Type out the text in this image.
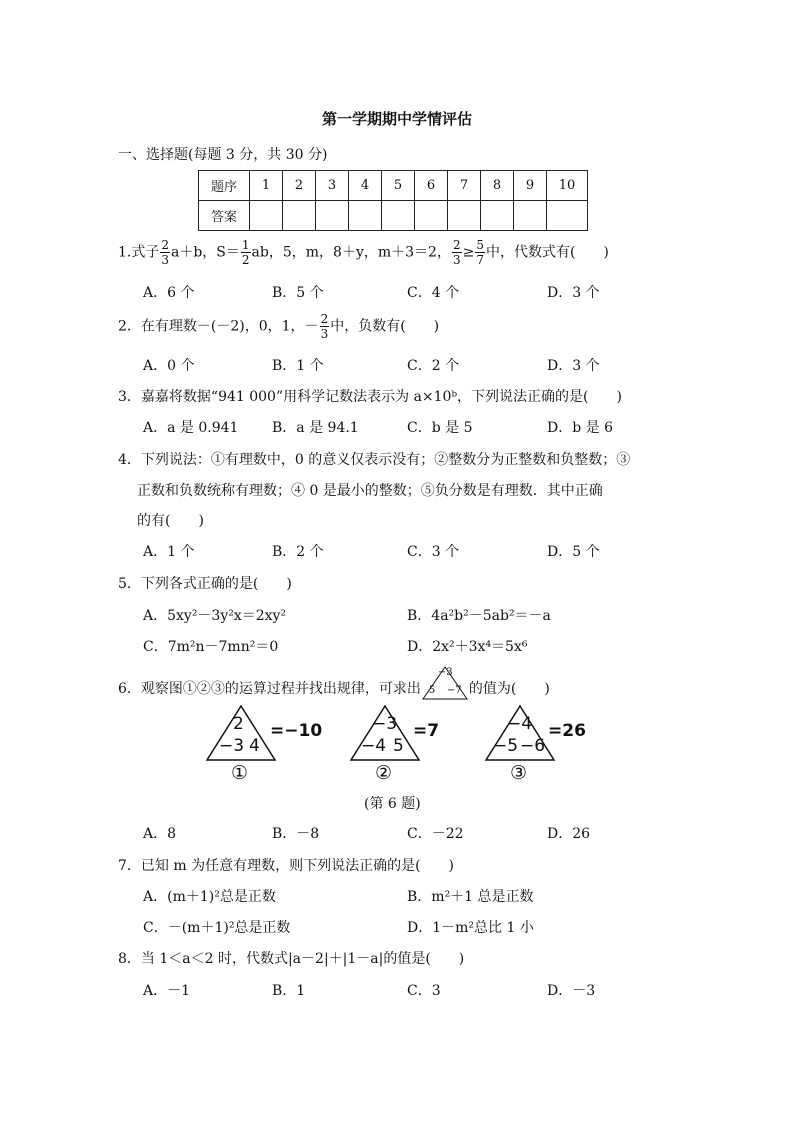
第一学期期中学情评估
一、选择题(每题 3 分，共 30 分)
题序	1	2	3	4	5	6	7	8	9	10
答案										
1.式子 $\frac{2}{3} a+b$，$S= \frac{1}{2}$ ab，5，m，8＋y，m＋3＝2， $\frac{2}{3} \ge \frac{5}{7}$ 中，代数式有(　　)
A．6 个	B．5 个	C．4 个	D．3 个
2．在有理数－(－2)，0，1，－ $\frac{2}{3}$ 中，负数有(　　)
A．0 个	B．1 个	C．2 个	D．3 个
3．嘉嘉将数据“941 000”用科学记数法表示为 a×10ᵇ，下列说法正确的是(　　)
A．a 是 0.941 B．a 是 94.1	C．b 是 5	D．b 是 6
4．下列说法：①有理数中，0 的意义仅表示没有；②整数分为正整数和负整数；③
正数和负数统称有理数；④ 0 是最小的整数；⑤负分数是有理数．其中正确
的有(　　)
A．1 个	B．2 个	C．3 个	D．5 个
5．下列各式正确的是(　　)
A．5xy²－3y²x＝2xy²	B．4a²b²－5ab²＝－a
C．7m²n－7mn²＝0	D．2x²＋3x⁴＝5x⁶
6．观察图①②③的运算过程并找出规律，可求出
−3
5 −7 的值为(　　)
2
−3 4
=−10
①
−3
−4 5
=7
②
−4
−5 −6
=26
③
(第 6 题)
A．8	B．－8	C．－22	D．26
7．已知 m 为任意有理数，则下列说法正确的是(　　)
A．(m＋1)²总是正数	B．m²＋1 总是正数
C．－(m＋1)²总是正数	D．1－m²总比 1 小
8．当 1＜a＜2 时，代数式|a－2|＋|1－a|的值是(　　)
A．－1	B．1	C．3	D．－3
